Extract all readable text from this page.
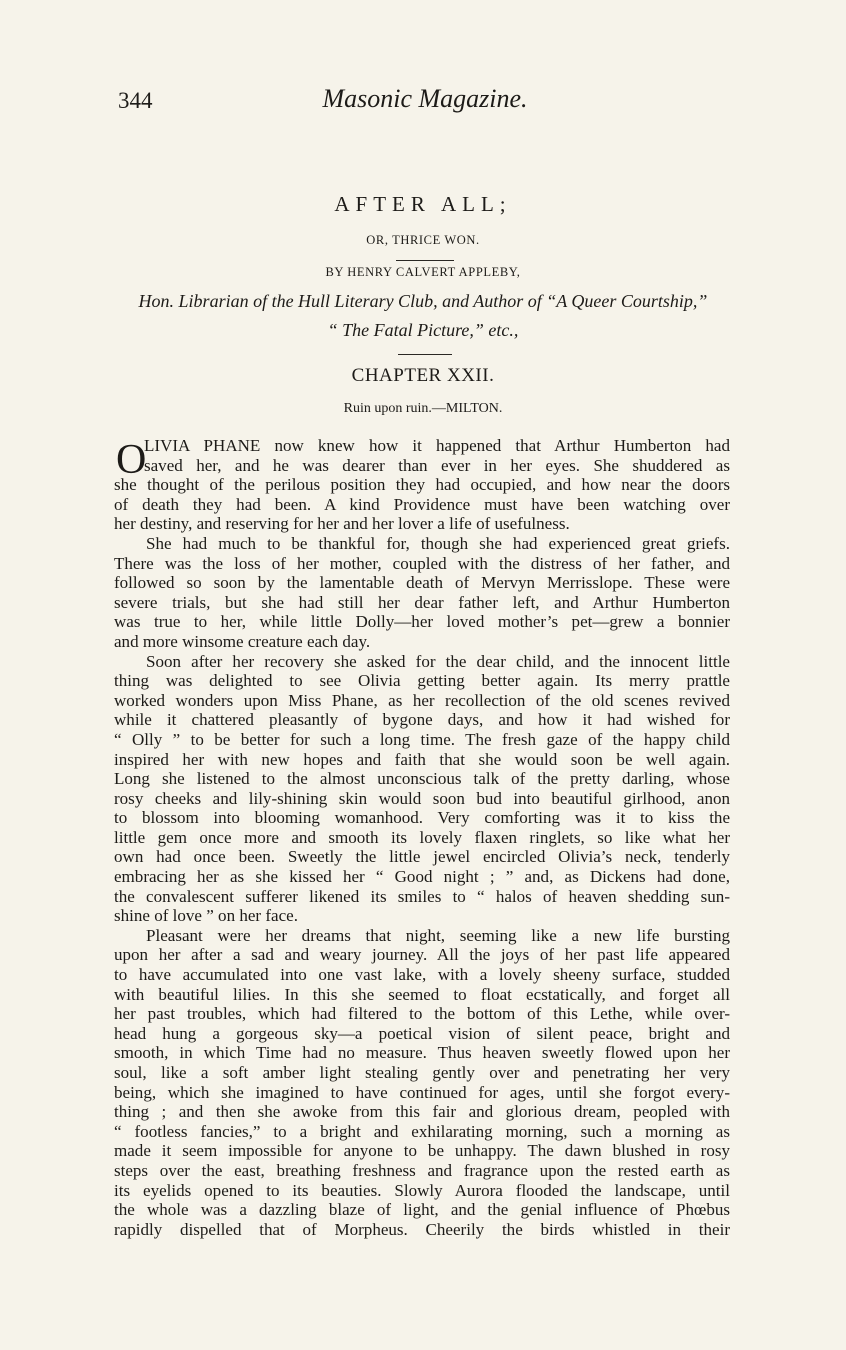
344	Masonic Magazine.
AFTER ALL;
OR, THRICE WON.
BY HENRY CALVERT APPLEBY,
Hon. Librarian of the Hull Literary Club, and Author of “A Queer Courtship,”
“ The Fatal Picture,” etc.,
CHAPTER XXII.
Ruin upon ruin.—MILTON.
O
LIVIA PHANE now knew how it happened that Arthur Humberton had
saved her, and he was dearer than ever in her eyes. She shuddered as
she thought of the perilous position they had occupied, and how near the doors
of death they had been. A kind Providence must have been watching over
her destiny, and reserving for her and her lover a life of usefulness.
She had much to be thankful for, though she had experienced great griefs.
There was the loss of her mother, coupled with the distress of her father, and
followed so soon by the lamentable death of Mervyn Merrisslope. These were
severe trials, but she had still her dear father left, and Arthur Humberton
was true to her, while little Dolly—her loved mother’s pet—grew a bonnier
and more winsome creature each day.
Soon after her recovery she asked for the dear child, and the innocent little
thing was delighted to see Olivia getting better again. Its merry prattle
worked wonders upon Miss Phane, as her recollection of the old scenes revived
while it chattered pleasantly of bygone days, and how it had wished for
“ Olly ” to be better for such a long time. The fresh gaze of the happy child
inspired her with new hopes and faith that she would soon be well again.
Long she listened to the almost unconscious talk of the pretty darling, whose
rosy cheeks and lily-shining skin would soon bud into beautiful girlhood, anon
to blossom into blooming womanhood. Very comforting was it to kiss the
little gem once more and smooth its lovely flaxen ringlets, so like what her
own had once been. Sweetly the little jewel encircled Olivia’s neck, tenderly
embracing her as she kissed her “ Good night ; ” and, as Dickens had done,
the convalescent sufferer likened its smiles to “ halos of heaven shedding sun-
shine of love ” on her face.
Pleasant were her dreams that night, seeming like a new life bursting
upon her after a sad and weary journey. All the joys of her past life appeared
to have accumulated into one vast lake, with a lovely sheeny surface, studded
with beautiful lilies. In this she seemed to float ecstatically, and forget all
her past troubles, which had filtered to the bottom of this Lethe, while over-
head hung a gorgeous sky—a poetical vision of silent peace, bright and
smooth, in which Time had no measure. Thus heaven sweetly flowed upon her
soul, like a soft amber light stealing gently over and penetrating her very
being, which she imagined to have continued for ages, until she forgot every-
thing ; and then she awoke from this fair and glorious dream, peopled with
“ footless fancies,” to a bright and exhilarating morning, such a morning as
made it seem impossible for anyone to be unhappy. The dawn blushed in rosy
steps over the east, breathing freshness and fragrance upon the rested earth as
its eyelids opened to its beauties. Slowly Aurora flooded the landscape, until
the whole was a dazzling blaze of light, and the genial influence of Phœbus
rapidly dispelled that of Morpheus. Cheerily the birds whistled in their
